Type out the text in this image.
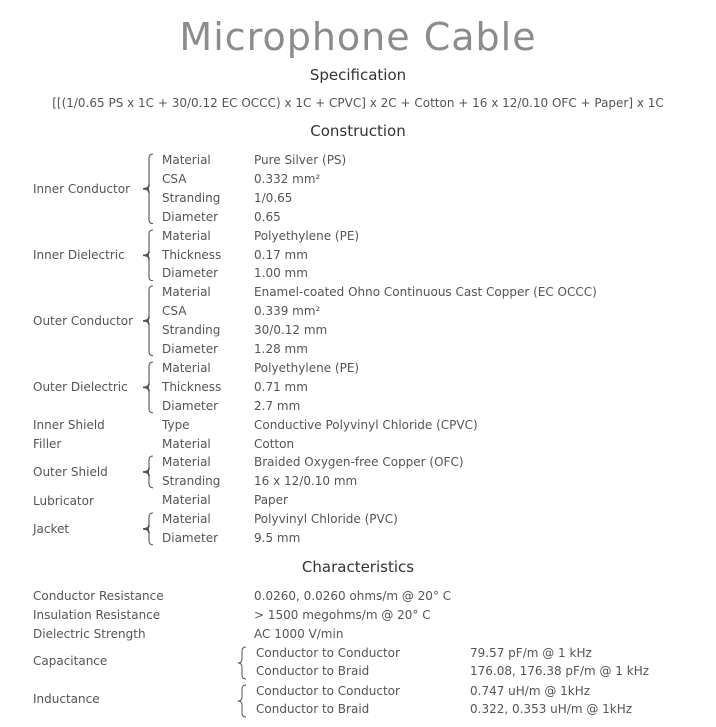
Microphone Cable
Specification
[[(1/0.65 PS x 1C + 30/0.12 EC OCCC) x 1C + CPVC] x 2C + Cotton + 16 x 12/0.10 OFC + Paper] x 1C
Construction
Inner Conductor
Material	Pure Silver (PS)
CSA	0.332 mm²
Stranding	1/0.65
Diameter	0.65
Inner Dielectric
Material	Polyethylene (PE)
Thickness	0.17 mm
Diameter	1.00 mm
Outer Conductor
Material	Enamel-coated Ohno Continuous Cast Copper (EC OCCC)
CSA	0.339 mm²
Stranding	30/0.12 mm
Diameter	1.28 mm
Outer Dielectric
Material	Polyethylene (PE)
Thickness	0.71 mm
Diameter	2.7 mm
Inner Shield	Type	Conductive Polyvinyl Chloride (CPVC)
Filler	Material	Cotton
Outer Shield
Material	Braided Oxygen-free Copper (OFC)
Stranding	16 x 12/0.10 mm
Lubricator	Material	Paper
Jacket
Material	Polyvinyl Chloride (PVC)
Diameter	9.5 mm
Characteristics
Conductor Resistance	0.0260, 0.0260 ohms/m @ 20° C
Insulation Resistance	> 1500 megohms/m @ 20° C
Dielectric Strength	AC 1000 V/min
Capacitance
Conductor to Conductor	79.57 pF/m @ 1 kHz
Conductor to Braid	176.08, 176.38 pF/m @ 1 kHz
Inductance
Conductor to Conductor	0.747 uH/m @ 1kHz
Conductor to Braid	0.322, 0.353 uH/m @ 1kHz
